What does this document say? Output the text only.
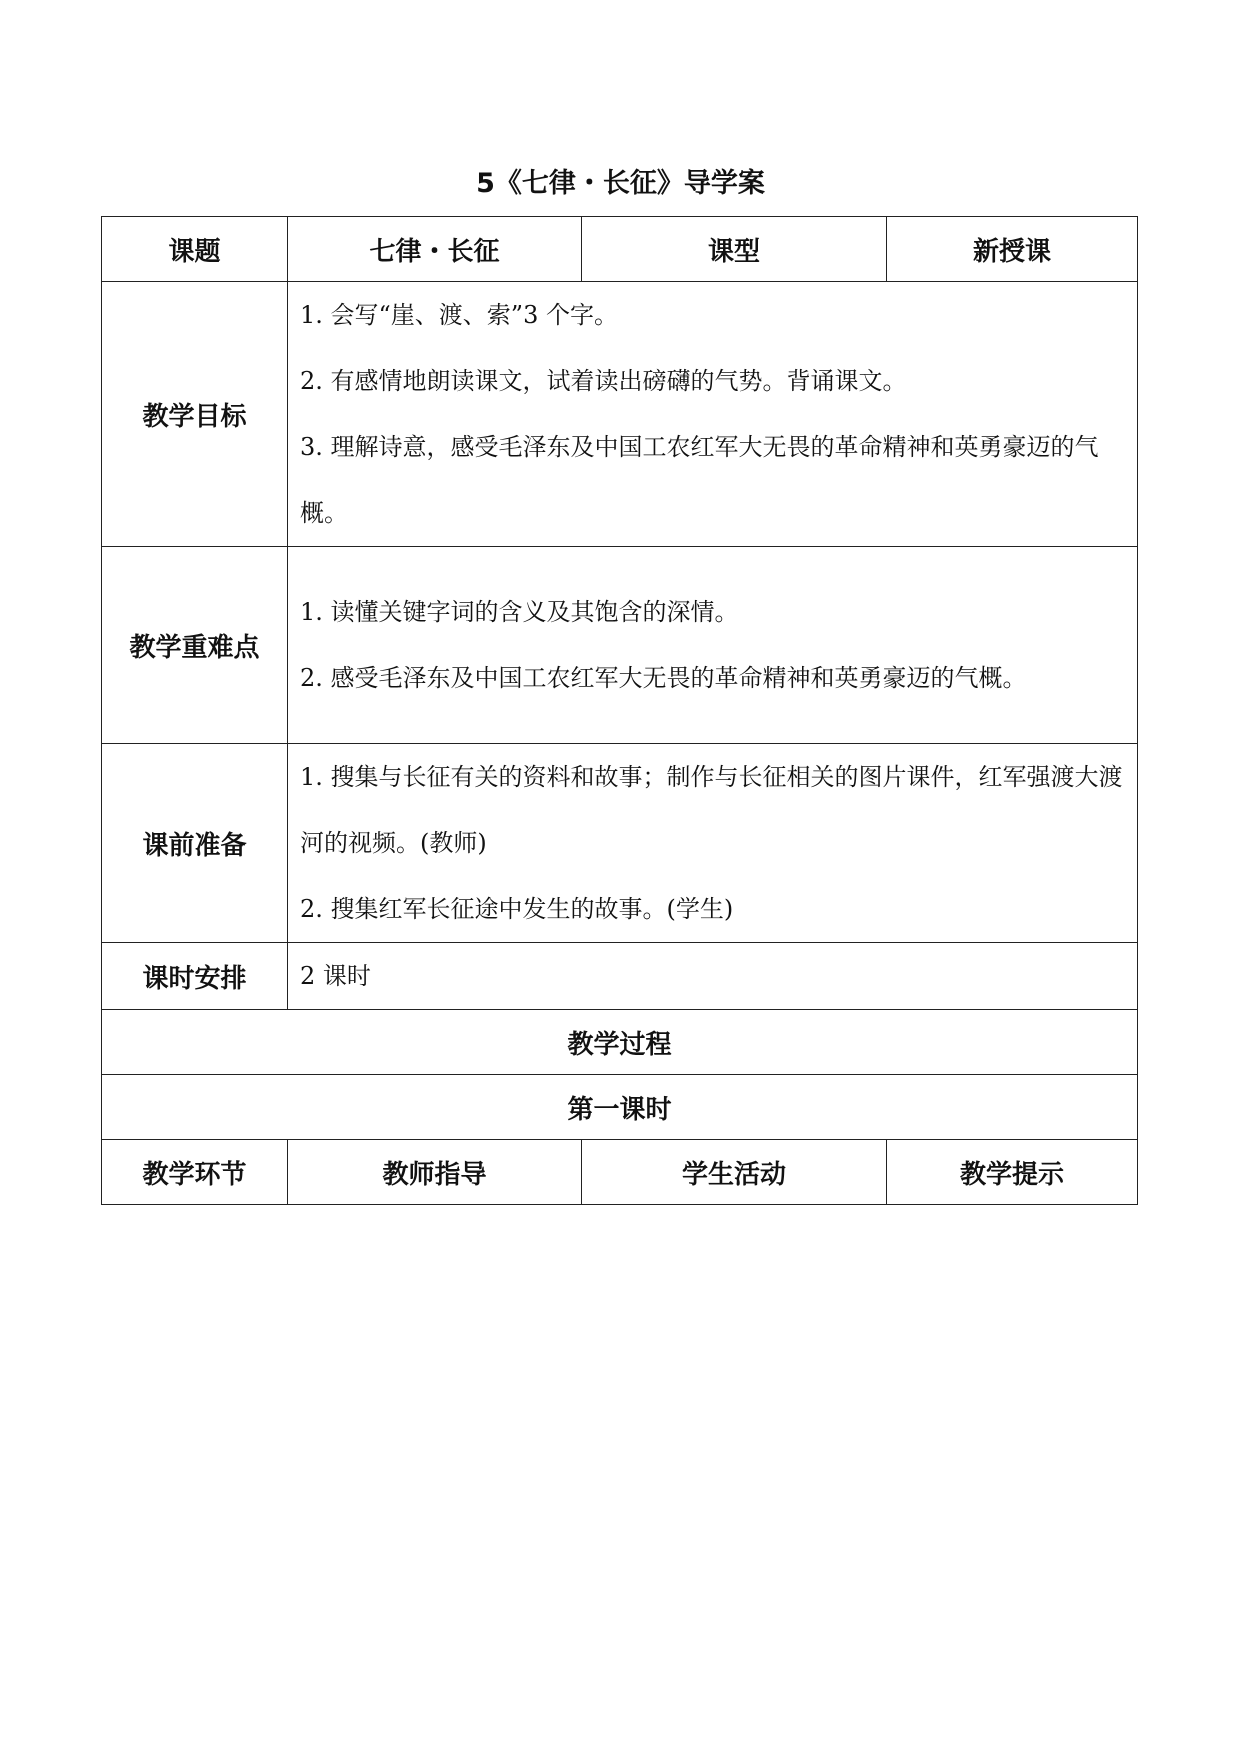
5《七律・长征》导学案
课题	七律・长征	课型	新授课
教学目标	1. 会写“崖、渡、索”3 个字。

2. 有感情地朗读课文，试着读出磅礴的气势。背诵课文。

3. 理解诗意，感受毛泽东及中国工农红军大无畏的革命精神和英勇豪迈的气概。		

教学重难点	1. 读懂关键字词的含义及其饱含的深情。

2. 感受毛泽东及中国工农红军大无畏的革命精神和英勇豪迈的气概。		

课前准备	1. 搜集与长征有关的资料和故事；制作与长征相关的图片课件，红军强渡大渡河的视频。(教师)

2. 搜集红军长征途中发生的故事。(学生)		

课时安排	2 课时		
教学过程			
第一课时			
教学环节	教师指导	学生活动	教学提示
